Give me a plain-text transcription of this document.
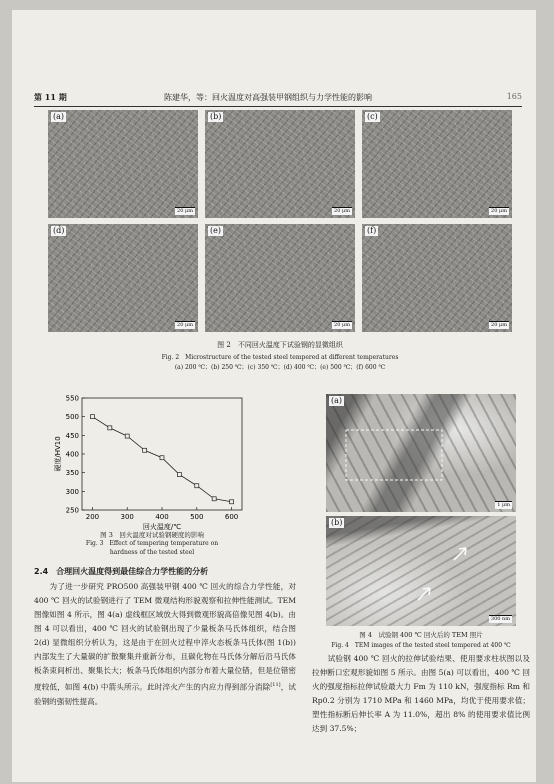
第 11 期	陈建华，等：回火温度对高强装甲钢组织与力学性能的影响	165
(a)
20 μm
(b)
20 μm
(c)
20 μm
(d)
20 μm
(e)
20 μm
(f)
20 μm
图 2　不同回火温度下试验钢的显微组织
Fig. 2　Microstructure of the tested steel tempered at different temperatures
(a) 200 ℃；(b) 250 ℃；(c) 350 ℃；(d) 400 ℃；(e) 500 ℃；(f) 600 ℃
200	300	400	500	600
250
300
350
400
450
500
550
回火温度/℃
硬度/HV10
图 3　回火温度对试验钢硬度的影响
Fig. 3　Effect of tempering temperature on
hardness of the tested steel
(a)
1 μm
(b)
300 nm
图 4　试验钢 400 ℃ 回火后的 TEM 照片
Fig. 4　TEM images of the tested steel tempered at 400 ℃
2.4　合理回火温度得到最佳综合力学性能的分析

　　为了进一步研究 PRO500 高强装甲钢 400 ℃ 回火的综合力学性能，对 400 ℃ 回火的试验钢进行了 TEM 微观结构形貌观察和拉伸性能测试。TEM 图像如图 4 所示，图 4(a) 虚线框区域放大得到微观形貌高倍像见图 4(b)。由图 4 可以看出，400 ℃ 回火的试验钢出现了少量板条马氏体组织，结合图 2(d) 显微组织分析认为，这是由于在回火过程中淬火态板条马氏体(图 1(b))内部发生了大量碳的扩散聚集并重新分布，且碳化物在马氏体分解后沿马氏体板条束间析出、聚集长大；板条马氏体组织内部分布着大量位错，但是位错密度较低，如图 4(b) 中箭头所示。此时淬火产生的内应力得到部分消除[11]，试验钢的强韧性提高。

　　试验钢 400 ℃ 回火的拉伸试验结果、使用要求柱状图以及拉伸断口宏观形貌如图 5 所示。由图 5(a) 可以看出，400 ℃ 回火的强度指标拉伸试验最大力 Fm 为 110 kN，强度指标 Rm 和 Rp0.2 分别为 1710 MPa 和 1460 MPa，均优于使用要求值；塑性指标断后伸长率 A 为 11.0%，超出 8% 的使用要求值比例达到 37.5%；
